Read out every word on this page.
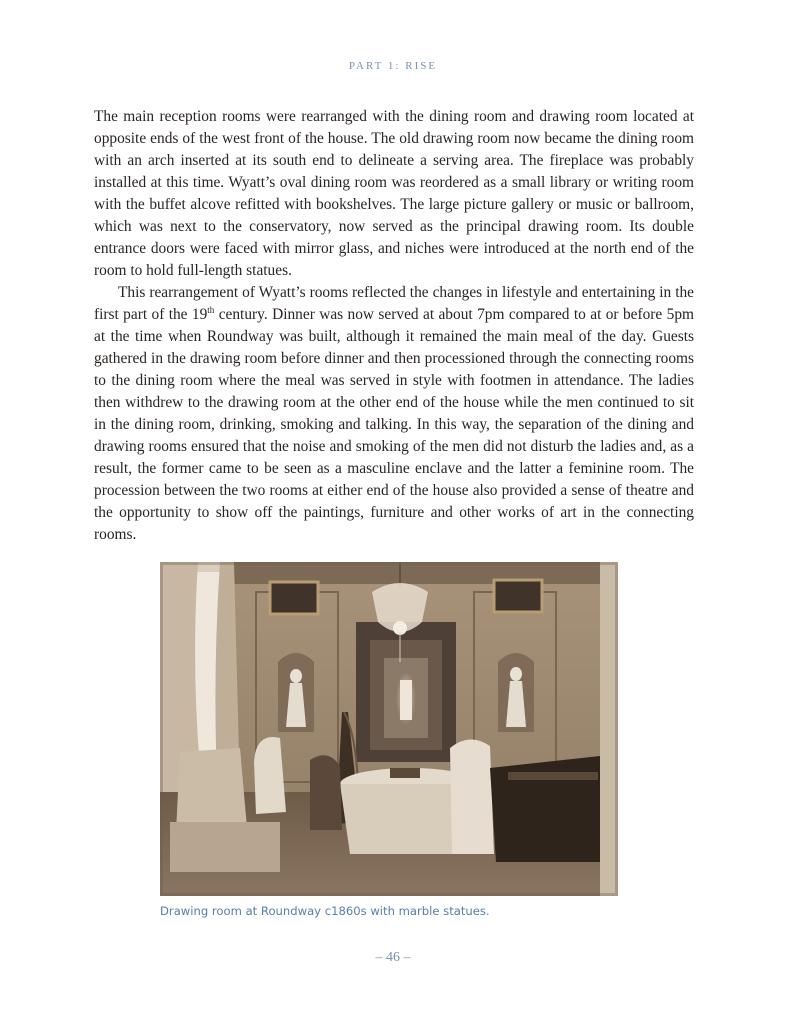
PART 1: RISE

The main reception rooms were rearranged with the dining room and drawing room located at opposite ends of the west front of the house. The old drawing room now became the dining room with an arch inserted at its south end to delineate a serving area. The fireplace was probably installed at this time. Wyatt’s oval dining room was reordered as a small library or writing room with the buffet alcove refitted with bookshelves. The large picture gallery or music or ballroom, which was next to the conservatory, now served as the principal drawing room. Its double entrance doors were faced with mirror glass, and niches were introduced at the north end of the room to hold full-length statues.

This rearrangement of Wyatt’s rooms reflected the changes in lifestyle and entertaining in the first part of the 19th century. Dinner was now served at about 7pm compared to at or before 5pm at the time when Roundway was built, although it remained the main meal of the day. Guests gathered in the drawing room before dinner and then processioned through the connecting rooms to the dining room where the meal was served in style with footmen in attendance. The ladies then withdrew to the drawing room at the other end of the house while the men continued to sit in the dining room, drinking, smoking and talking. In this way, the separation of the dining and drawing rooms ensured that the noise and smoking of the men did not disturb the ladies and, as a result, the former came to be seen as a masculine enclave and the latter a feminine room. The procession between the two rooms at either end of the house also provided a sense of theatre and the opportunity to show off the paintings, furniture and other works of art in the connecting rooms.

Drawing room at Roundway c1860s with marble statues.
– 46 –
